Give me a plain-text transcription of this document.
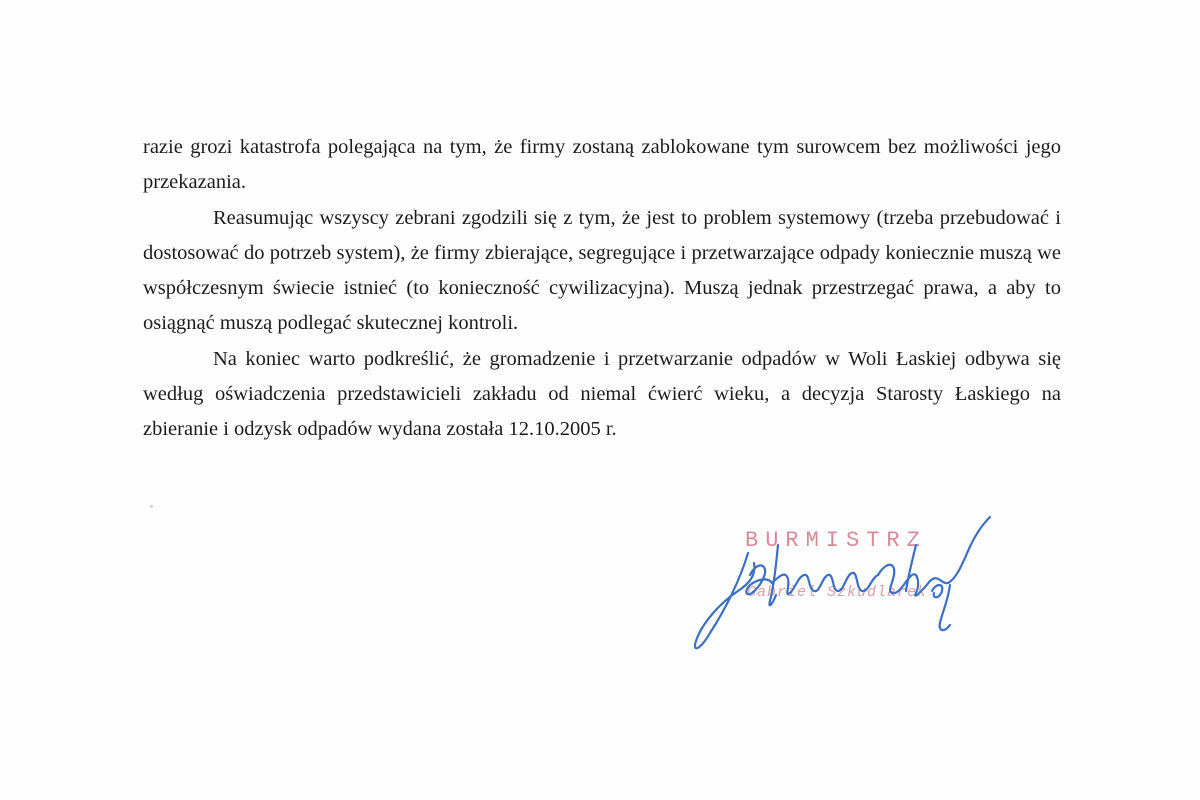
razie grozi katastrofa polegająca na tym, że firmy zostaną zablokowane tym surowcem bez możliwości jego przekazania.

Reasumując wszyscy zebrani zgodzili się z tym, że jest to problem systemowy (trzeba przebudować i dostosować do potrzeb system), że firmy zbierające, segregujące i przetwarzające odpady koniecznie muszą we współczesnym świecie istnieć (to konieczność cywilizacyjna). Muszą jednak przestrzegać prawa, a aby to osiągnąć muszą podlegać skutecznej kontroli.

Na koniec warto podkreślić, że gromadzenie i przetwarzanie odpadów w Woli Łaskiej odbywa się według oświadczenia przedstawicieli zakładu od niemal ćwierć wieku, a decyzja Starosty Łaskiego na zbieranie i odzysk odpadów wydana została 12.10.2005 r.

BURMISTRZ
Gabriel Szkudlarek
